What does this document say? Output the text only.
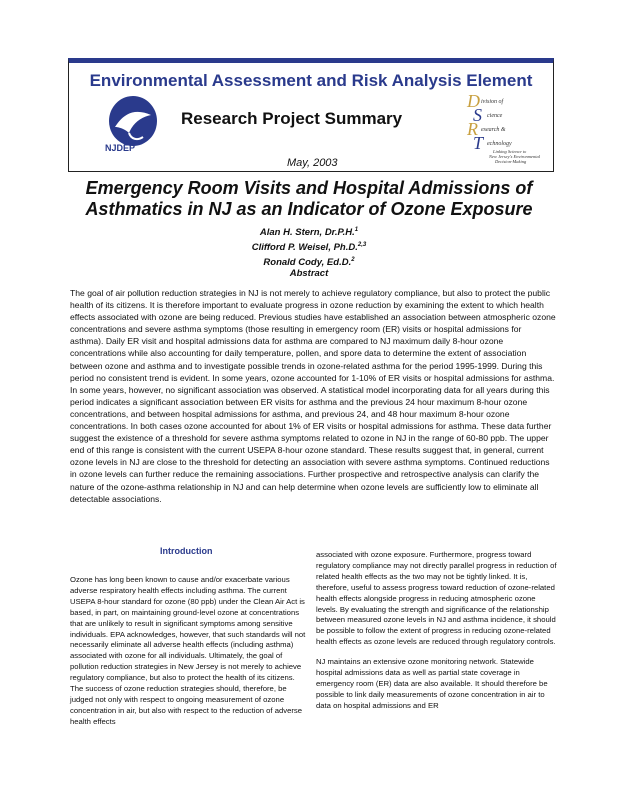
Environmental Assessment and Risk Analysis Element
NJDEP
Research Project Summary
May, 2003
D
S
R
T
ivision of
cience
esearch &
echnology
Linking Science to
New Jersey's Environmental
Decision-Making
Emergency Room Visits and Hospital Admissions of
Asthmatics in NJ as an Indicator of Ozone Exposure
Alan H. Stern, Dr.P.H.$^1$
Clifford P. Weisel, Ph.D.$^{2,3}$
Ronald Cody, Ed.D.$^2$
Abstract

The goal of air pollution reduction strategies in NJ is not merely to achieve regulatory compliance, but also to protect the public health of its citizens. It is therefore important to evaluate progress in ozone reduction by examining the extent to which health effects associated with ozone are being reduced. Previous studies have established an association between atmospheric ozone concentrations and severe asthma symptoms (those resulting in emergency room (ER) visits or hospital admissions for asthma). Daily ER visit and hospital admissions data for asthma are compared to NJ maximum daily 8-hour ozone concentrations while also accounting for daily temperature, pollen, and spore data to determine the extent of association between ozone and asthma and to investigate possible trends in ozone-related asthma for the period 1995-1999. During this period no consistent trend is evident. In some years, ozone accounted for 1-10% of ER visits or hospital admissions for asthma. In some years, however, no significant association was observed. A statistical model incorporating data for all years during this period indicates a significant association between ER visits for asthma and the previous 24 hour maximum 8-hour ozone concentrations, and between hospital admissions for asthma, and previous 24, and 48 hour maximum 8-hour ozone concentrations. In both cases ozone accounted for about 1% of ER visits or hospital admissions for asthma. These data further suggest the existence of a threshold for severe asthma symptoms related to ozone in NJ in the range of 60-80 ppb. The upper end of this range is consistent with the current USEPA 8-hour ozone standard. These results suggest that, in general, current ozone levels in NJ are close to the threshold for detecting an association with severe asthma symptoms. Continued reductions in ozone levels can further reduce the remaining associations. Further prospective and retrospective analysis can clarify the nature of the ozone-asthma relationship in NJ and can help determine when ozone levels are sufficiently low to eliminate all detectable associations.

Introduction

Ozone has long been known to cause and/or exacerbate various adverse respiratory health effects including asthma. The current USEPA 8-hour standard for ozone (80 ppb) under the Clean Air Act is based, in part, on maintaining ground-level ozone at concentrations that are unlikely to result in significant symptoms among sensitive individuals. EPA acknowledges, however, that such standards will not necessarily eliminate all adverse health effects (including asthma) associated with ozone for all individuals. Ultimately, the goal of pollution reduction strategies in New Jersey is not merely to achieve regulatory compliance, but also to protect the health of its citizens. The success of ozone reduction strategies should, therefore, be judged not only with respect to ongoing measurement of ozone concentration in air, but also with respect to the reduction of adverse health effects

associated with ozone exposure. Furthermore, progress toward regulatory compliance may not directly parallel progress in reduction of related health effects as the two may not be tightly linked. It is, therefore, useful to assess progress toward reduction of ozone-related health effects alongside progress in reducing atmospheric ozone levels. By evaluating the strength and significance of the relationship between measured ozone levels in NJ and asthma incidence, it should be possible to follow the extent of progress in reducing ozone-related health effects as ozone levels are reduced through regulatory controls.

NJ maintains an extensive ozone monitoring network. Statewide hospital admissions data as well as partial state coverage in emergency room (ER) data are also available. It should therefore be possible to link daily measurements of ozone concentration in air to data on hospital admissions and ER
